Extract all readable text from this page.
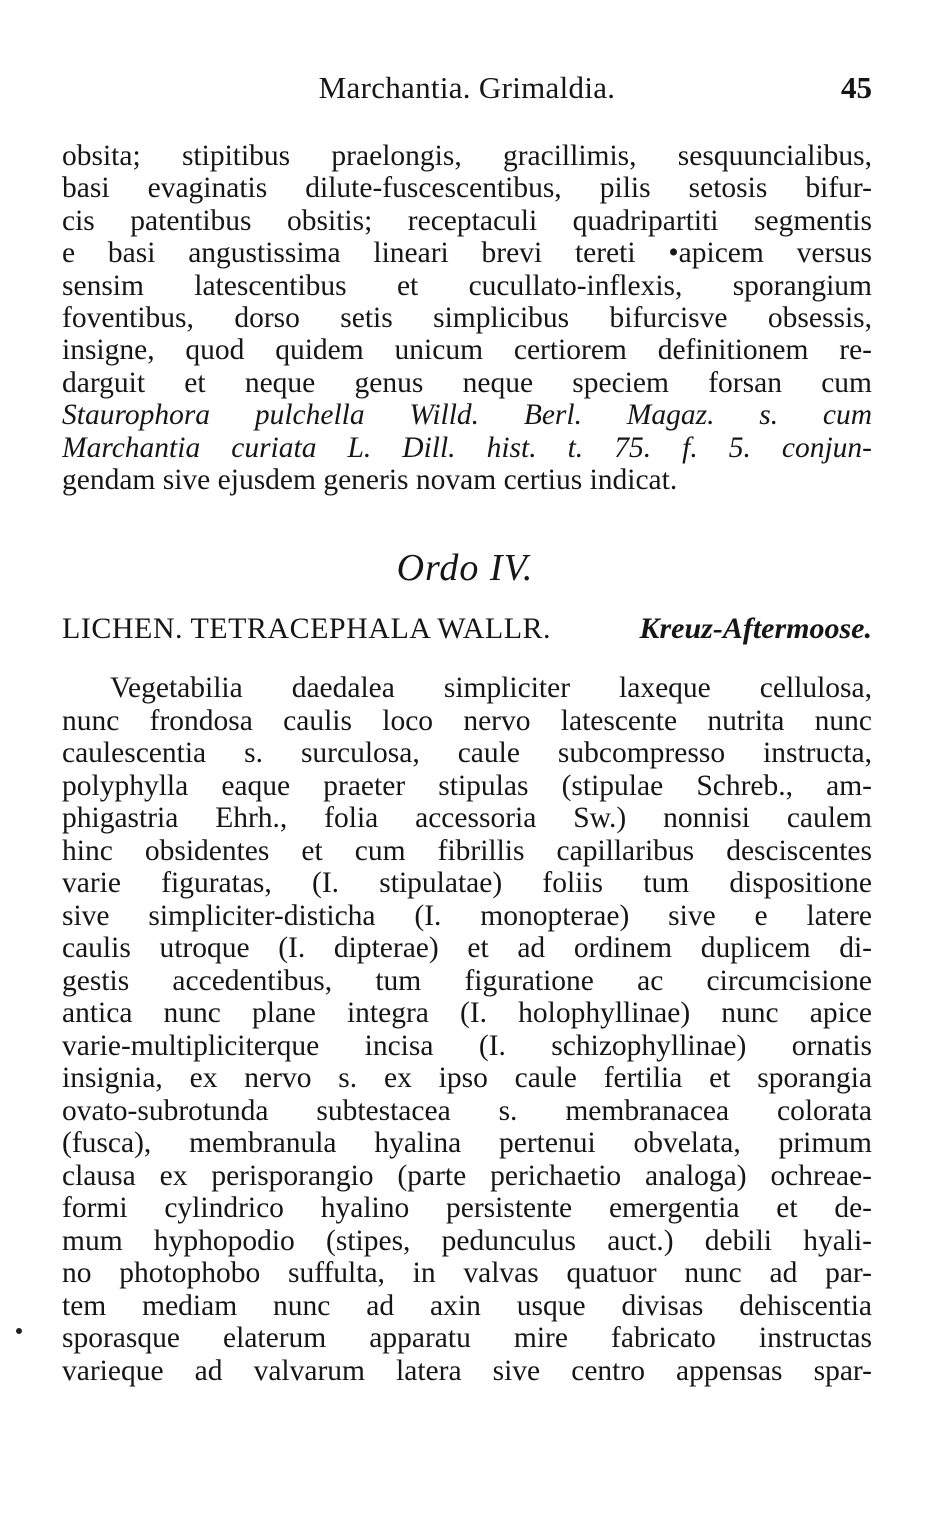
Marchantia. Grimaldia.	45
obsita; stipitibus praelongis, gracillimis, sesquuncialibus,
basi evaginatis dilute-fuscescentibus, pilis setosis bifur-
cis patentibus obsitis; receptaculi quadripartiti segmentis
e basi angustissima lineari brevi tereti •apicem versus
sensim latescentibus et cucullato-inflexis, sporangium
foventibus, dorso setis simplicibus bifurcisve obsessis,
insigne, quod quidem unicum certiorem definitionem re-
darguit et neque genus neque speciem forsan cum
Staurophora pulchella Willd. Berl. Magaz. s. cum
Marchantia curiata L. Dill. hist. t. 75. f. 5. conjun-
gendam sive ejusdem generis novam certius indicat.
Ordo IV.
LICHEN. TETRACEPHALA WALLR.	Kreuz-Aftermoose.
Vegetabilia daedalea simpliciter laxeque cellulosa,
nunc frondosa caulis loco nervo latescente nutrita nunc
caulescentia s. surculosa, caule subcompresso instructa,
polyphylla eaque praeter stipulas (stipulae Schreb., am-
phigastria Ehrh., folia accessoria Sw.) nonnisi caulem
hinc obsidentes et cum fibrillis capillaribus desciscentes
varie figuratas, (I. stipulatae) foliis tum dispositione
sive simpliciter-disticha (I. monopterae) sive e latere
caulis utroque (I. dipterae) et ad ordinem duplicem di-
gestis accedentibus, tum figuratione ac circumcisione
antica nunc plane integra (I. holophyllinae) nunc apice
varie-multipliciterque incisa (I. schizophyllinae) ornatis
insignia, ex nervo s. ex ipso caule fertilia et sporangia
ovato-subrotunda subtestacea s. membranacea colorata
(fusca), membranula hyalina pertenui obvelata, primum
clausa ex perisporangio (parte perichaetio analoga) ochreae-
formi cylindrico hyalino persistente emergentia et de-
mum hyphopodio (stipes, pedunculus auct.) debili hyali-
no photophobo suffulta, in valvas quatuor nunc ad par-
tem mediam nunc ad axin usque divisas dehiscentia
sporasque elaterum apparatu mire fabricato instructas
varieque ad valvarum latera sive centro appensas spar-
